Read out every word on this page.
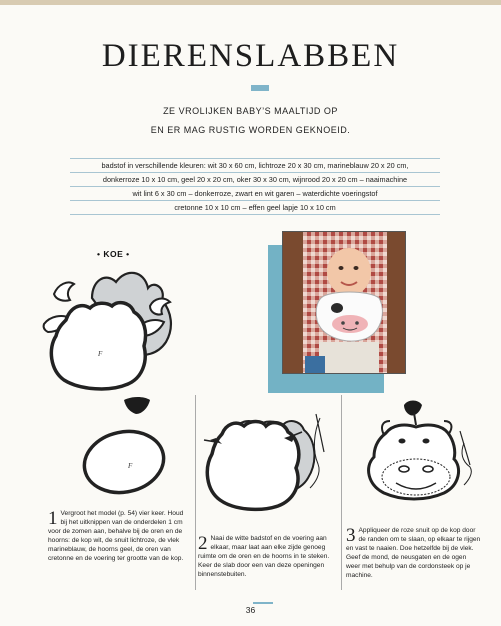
DIERENSLABBEN
ZE VROLIJKEN BABY’S MAALTIJD OP
EN ER MAG RUSTIG WORDEN GEKNOEID.
badstof in verschillende kleuren: wit 30 x 60 cm, lichtroze 20 x 30 cm, marineblauw 20 x 20 cm,
donkerroze 10 x 10 cm, geel 20 x 20 cm, oker 30 x 30 cm, wijnrood 20 x 20 cm – naaimachine
wit lint 6 x 30 cm – donkerroze, zwart en wit garen – waterdichte voeringstof
cretonne 10 x 10 cm – effen geel lapje 10 x 10 cm
• KOE •
F
F
1 Vergroot het model (p. 54) vier keer. Houd bij het uitknippen van de onderdelen 1 cm voor de zomen aan, behalve bij de oren en de hoorns: de kop wit, de snuit lichtroze, de vlek marineblauw, de hoorns geel, de oren van cretonne en de voering ter grootte van de kop.
2 Naai de witte badstof en de voering aan elkaar, maar laat aan elke zijde genoeg ruimte om de oren en de hoorns in te steken. Keer de slab door een van deze openingen binnenstebuiten.
3 Appliqueer de roze snuit op de kop door de randen om te slaan, op elkaar te rijgen en vast te naaien. Doe hetzelfde bij de vlek. Geef de mond, de neusgaten en de ogen weer met behulp van de cordonsteek op je machine.
36
